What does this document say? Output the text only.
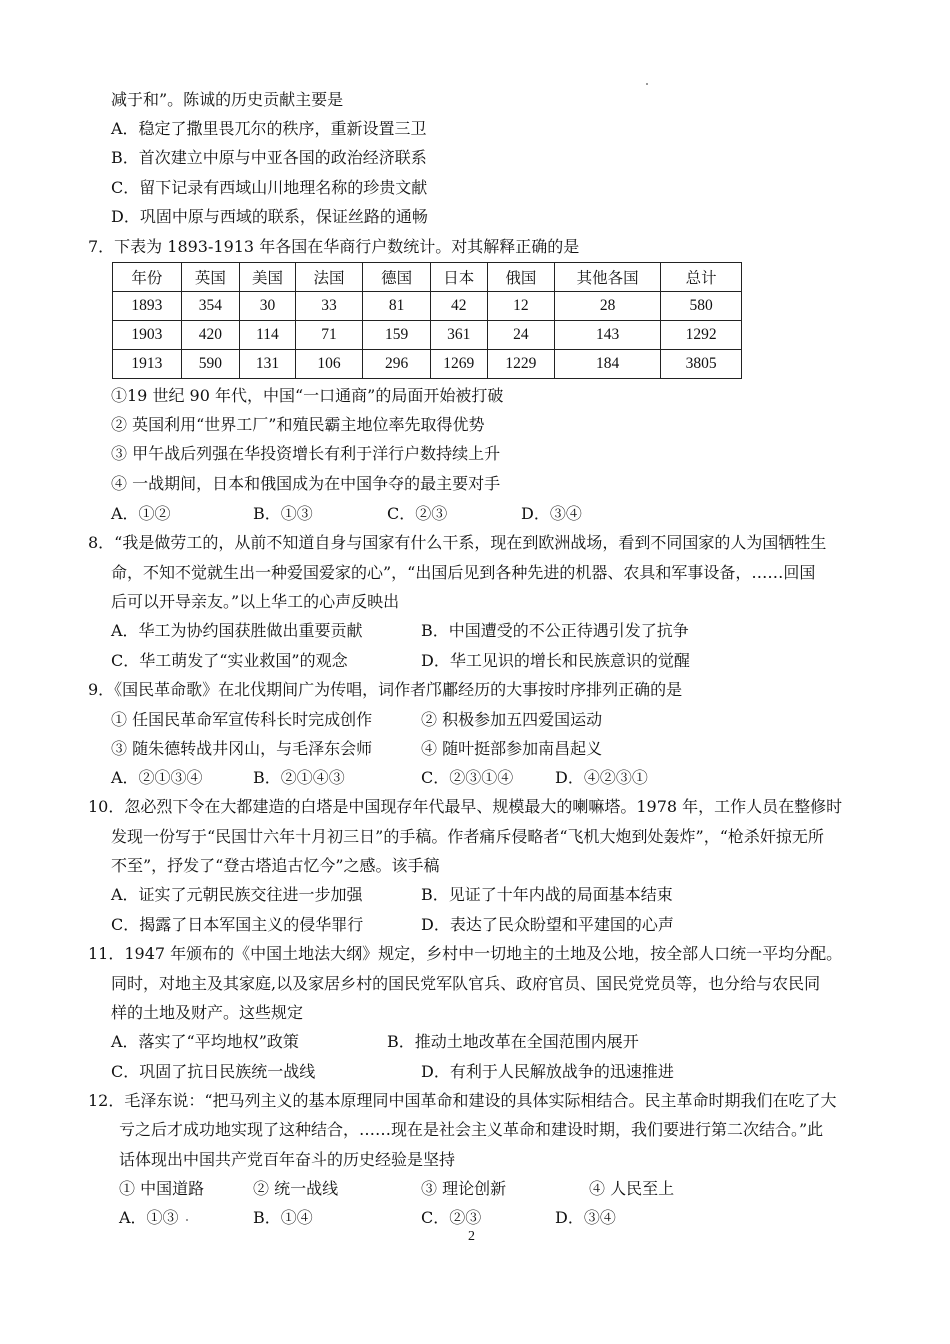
减于和”。陈诚的历史贡献主要是
A．稳定了撒里畏兀尔的秩序，重新设置三卫
B．首次建立中原与中亚各国的政治经济联系
C．留下记录有西域山川地理名称的珍贵文献
D．巩固中原与西域的联系，保证丝路的通畅
7．下表为 1893-1913 年各国在华商行户数统计。对其解释正确的是
年份	英国	美国	法国	德国	日本	俄国	其他各国	总计
1893	354	30	33	81	42	12	28	580
1903	420	114	71	159	361	24	143	1292
1913	590	131	106	296	1269	1229	184	3805
①19 世纪 90 年代，中国“一口通商”的局面开始被打破
② 英国利用“世界工厂”和殖民霸主地位率先取得优势
③ 甲午战后列强在华投资增长有利于洋行户数持续上升
④ 一战期间，日本和俄国成为在中国争夺的最主要对手
A．①②	B．①③	C．②③	D．③④
8．“我是做劳工的，从前不知道自身与国家有什么干系，现在到欧洲战场，看到不同国家的人为国牺牲生
命，不知不觉就生出一种爱国爱家的心”，“出国后见到各种先进的机器、农具和军事设备，……回国
后可以开导亲友。”以上华工的心声反映出
A．华工为协约国获胜做出重要贡献	B．中国遭受的不公正待遇引发了抗争
C．华工萌发了“实业救国”的观念	D．华工见识的增长和民族意识的觉醒
9．《国民革命歌》在北伐期间广为传唱，词作者邝鄘经历的大事按时序排列正确的是
① 任国民革命军宣传科长时完成创作	② 积极参加五四爱国运动
③ 随朱德转战井冈山，与毛泽东会师	④ 随叶挺部参加南昌起义
A．②①③④	B．②①④③	C．②③①④	D．④②③①
10．忽必烈下令在大都建造的白塔是中国现存年代最早、规模最大的喇嘛塔。1978 年，工作人员在整修时
发现一份写于“民国廿六年十月初三日”的手稿。作者痛斥侵略者“飞机大炮到处轰炸”，“枪杀奸掠无所
不至”，抒发了“登古塔追古忆今”之感。该手稿
A．证实了元朝民族交往进一步加强	B．见证了十年内战的局面基本结束
C．揭露了日本军国主义的侵华罪行	D．表达了民众盼望和平建国的心声
11．1947 年颁布的《中国土地法大纲》规定，乡村中一切地主的土地及公地，按全部人口统一平均分配。
同时，对地主及其家庭,以及家居乡村的国民党军队官兵、政府官员、国民党党员等，也分给与农民同
样的土地及财产。这些规定
A．落实了“平均地权”政策	B．推动土地改革在全国范围内展开
C．巩固了抗日民族统一战线	D．有利于人民解放战争的迅速推进
12．毛泽东说：“把马列主义的基本原理同中国革命和建设的具体实际相结合。民主革命时期我们在吃了大
亏之后才成功地实现了这种结合，……现在是社会主义革命和建设时期，我们要进行第二次结合。”此
话体现出中国共产党百年奋斗的历史经验是坚持
① 中国道路	② 统一战线	③ 理论创新	④ 人民至上
A．①③	B．①④	C．②③	D．③④
2
